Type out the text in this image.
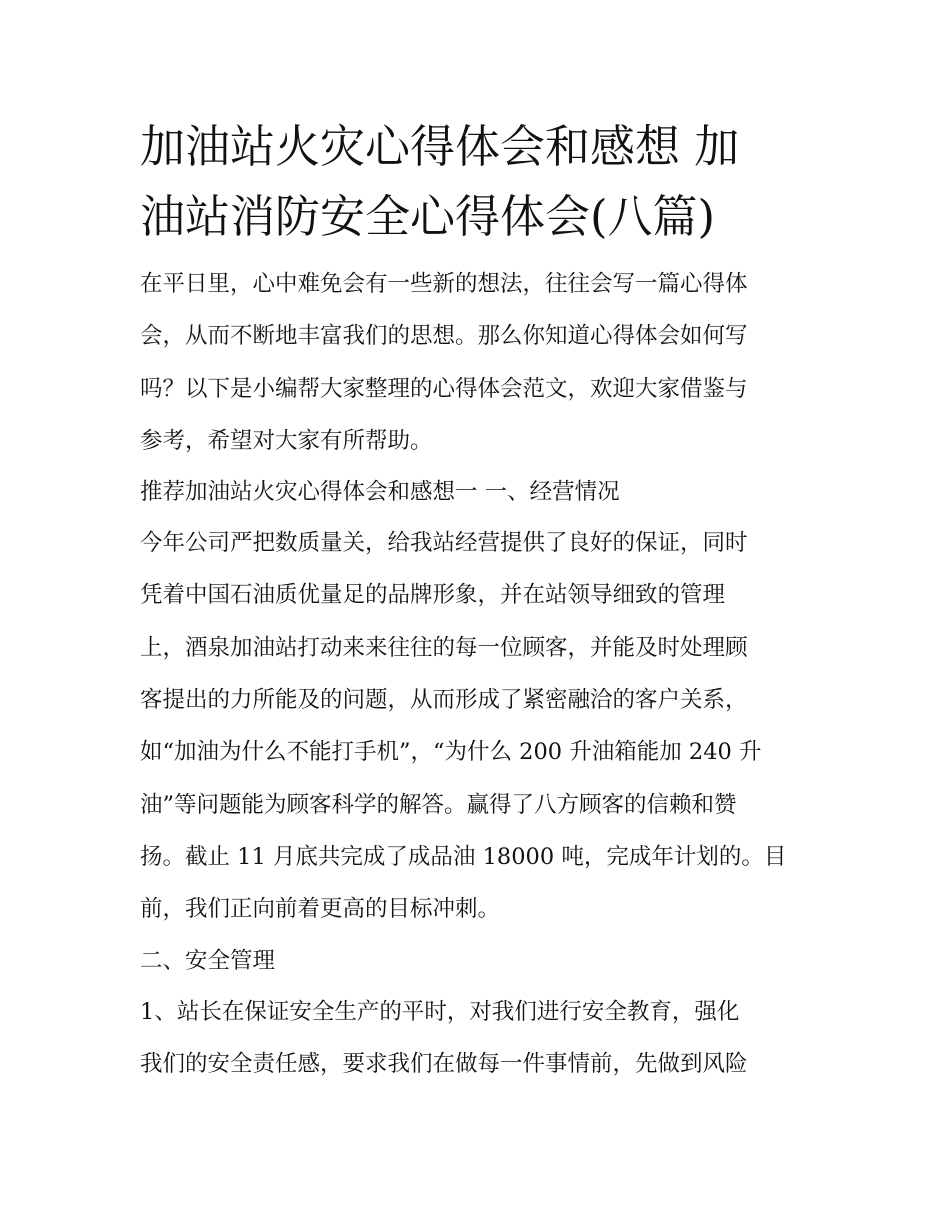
加油站火灾心得体会和感想 加
油站消防安全心得体会(八篇)

在平日里，心中难免会有一些新的想法，往往会写一篇心得体
会，从而不断地丰富我们的思想。那么你知道心得体会如何写
吗？以下是小编帮大家整理的心得体会范文，欢迎大家借鉴与
参考，希望对大家有所帮助。

推荐加油站火灾心得体会和感想一 一、经营情况

今年公司严把数质量关，给我站经营提供了良好的保证，同时
凭着中国石油质优量足的品牌形象，并在站领导细致的管理
上，酒泉加油站打动来来往往的每一位顾客，并能及时处理顾
客提出的力所能及的问题，从而形成了紧密融洽的客户关系，
如“加油为什么不能打手机”，“为什么 200 升油箱能加 240 升
油”等问题能为顾客科学的解答。赢得了八方顾客的信赖和赞
扬。截止 11 月底共完成了成品油 18000 吨，完成年计划的。目
前，我们正向前着更高的目标冲刺。

二、安全管理

1、站长在保证安全生产的平时，对我们进行安全教育，强化
我们的安全责任感，要求我们在做每一件事情前，先做到风险
